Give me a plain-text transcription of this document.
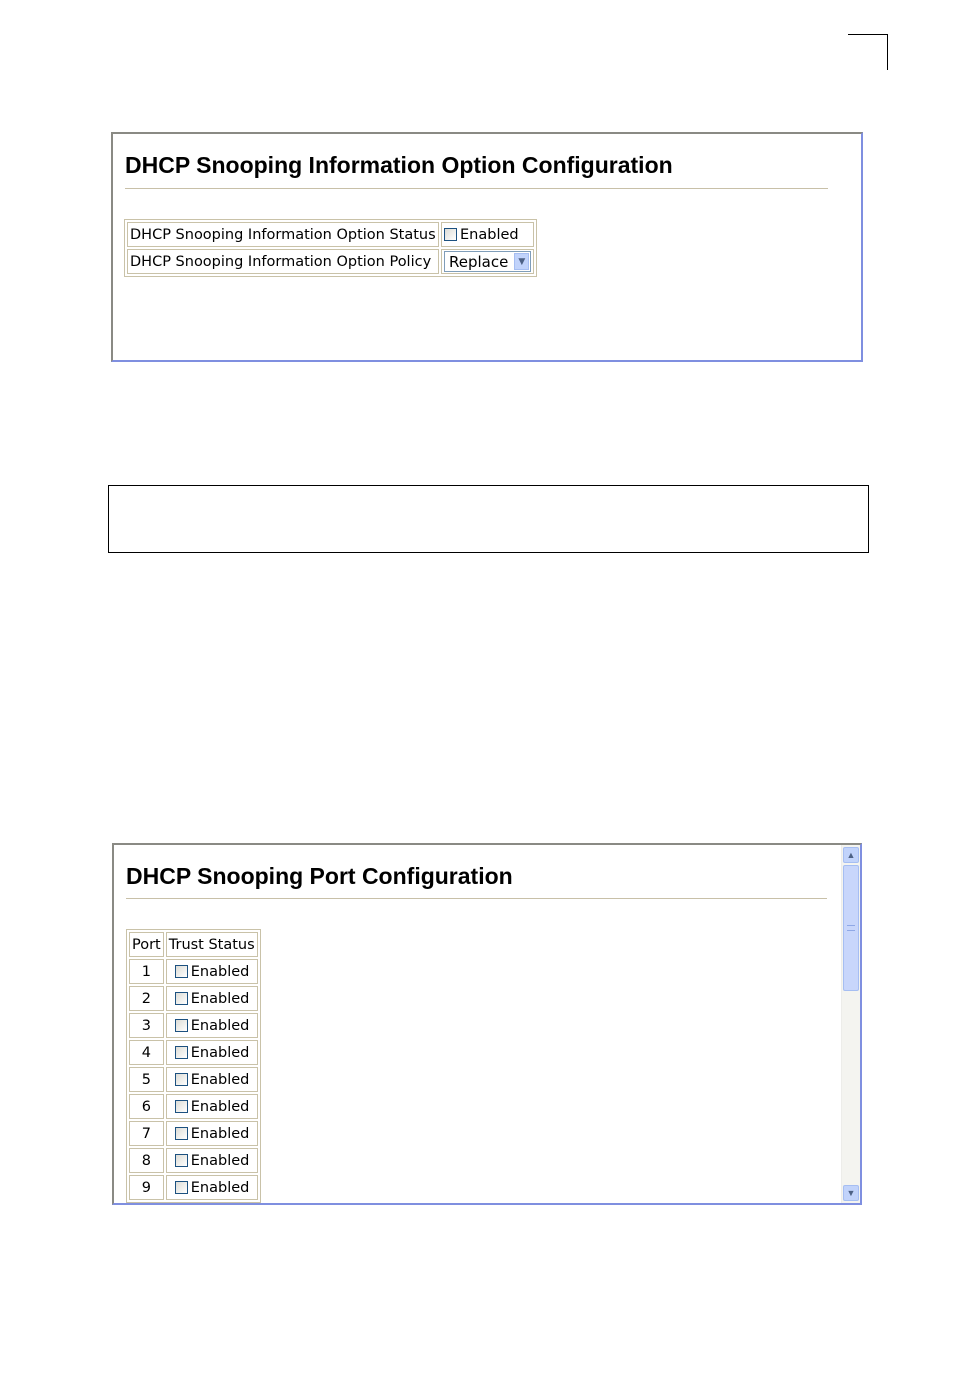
DHCP Snooping Information Option Configuration
DHCP Snooping Information Option Status	Enabled
DHCP Snooping Information Option Policy	Replace ▼
DHCP Snooping Port Configuration
Port	Trust Status
1	Enabled
2	Enabled
3	Enabled
4	Enabled
5	Enabled
6	Enabled
7	Enabled
8	Enabled
9	Enabled
▲
▼
